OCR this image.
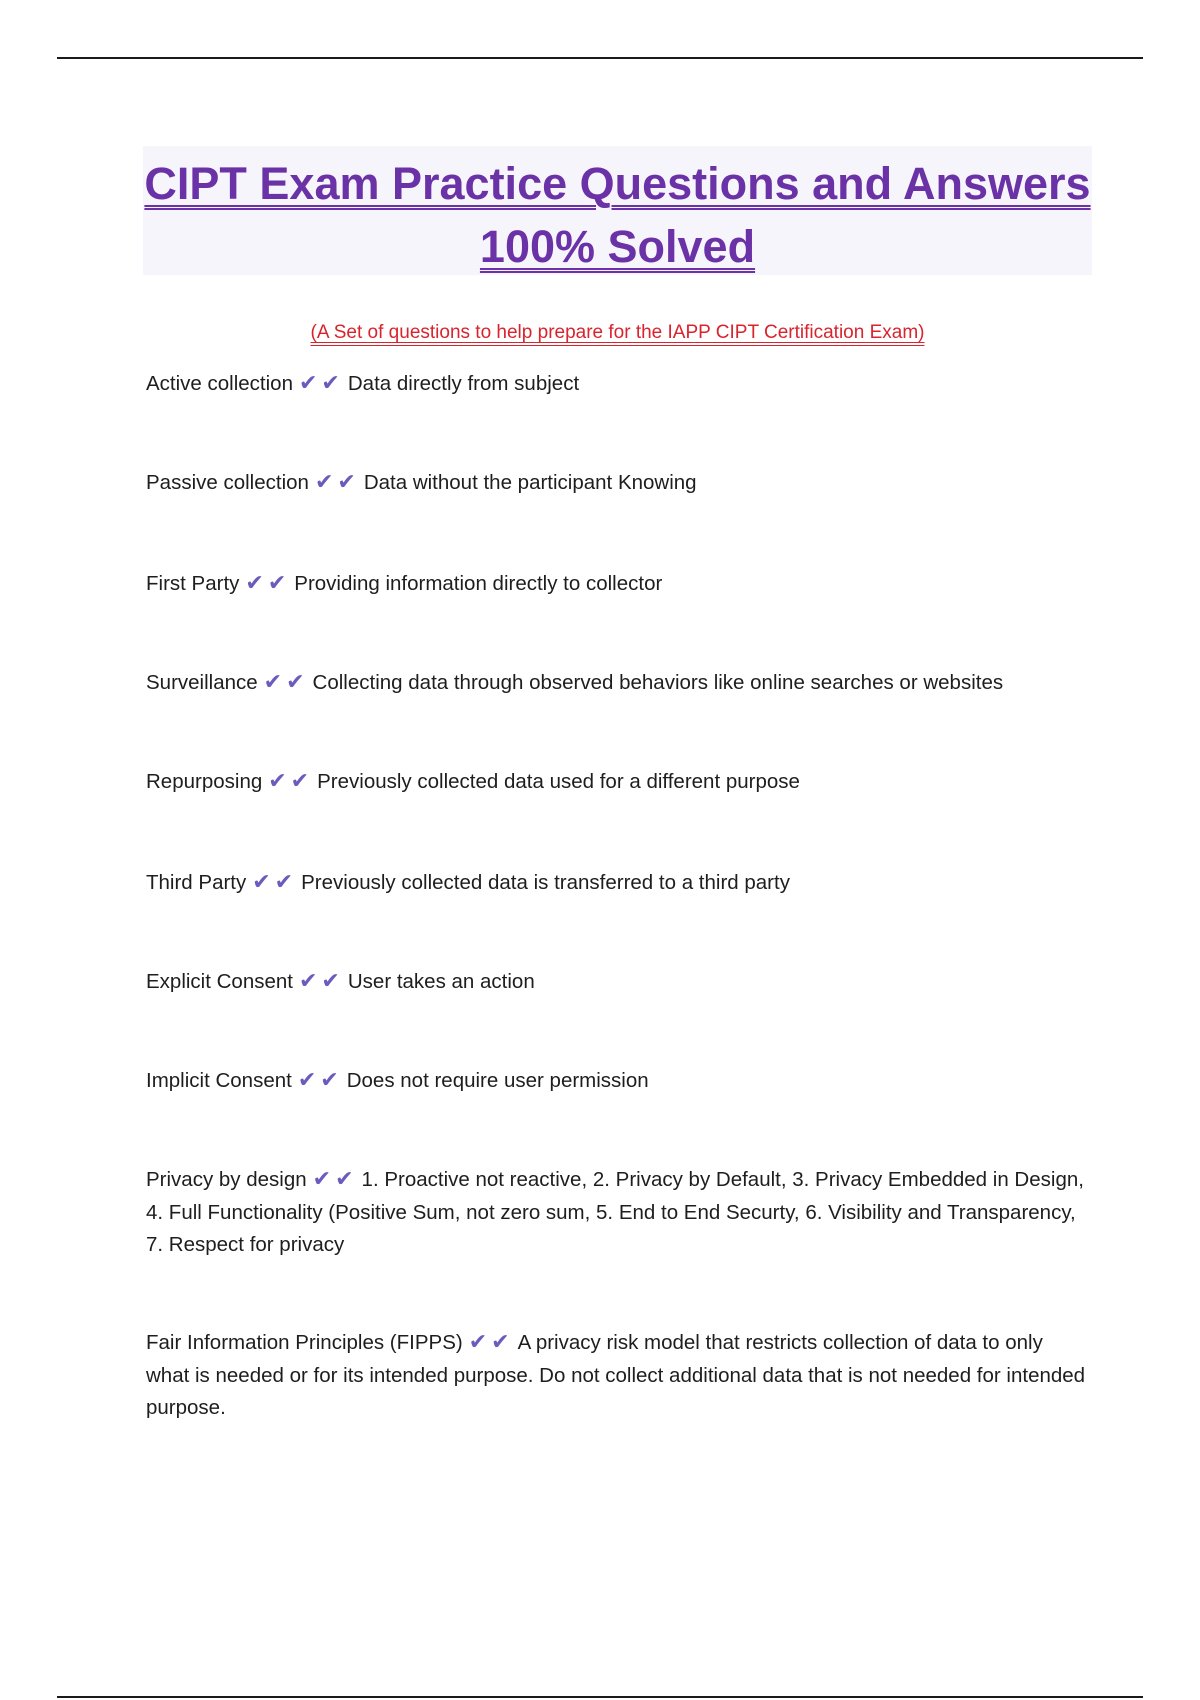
CIPT Exam Practice Questions and Answers
100% Solved
(A Set of questions to help prepare for the IAPP CIPT Certification Exam)

Active collection ✔✔ Data directly from subject

Passive collection ✔✔ Data without the participant Knowing

First Party ✔✔ Providing information directly to collector

Surveillance ✔✔ Collecting data through observed behaviors like online searches or websites

Repurposing ✔✔ Previously collected data used for a different purpose

Third Party ✔✔ Previously collected data is transferred to a third party

Explicit Consent ✔✔ User takes an action

Implicit Consent ✔✔ Does not require user permission

Privacy by design ✔✔ 1. Proactive not reactive, 2. Privacy by Default, 3. Privacy Embedded in Design, 4. Full Functionality (Positive Sum, not zero sum, 5. End to End Securty, 6. Visibility and Transparency, 7. Respect for privacy

Fair Information Principles (FIPPS) ✔✔ A privacy risk model that restricts collection of data to only what is needed or for its intended purpose. Do not collect additional data that is not needed for intended purpose.
